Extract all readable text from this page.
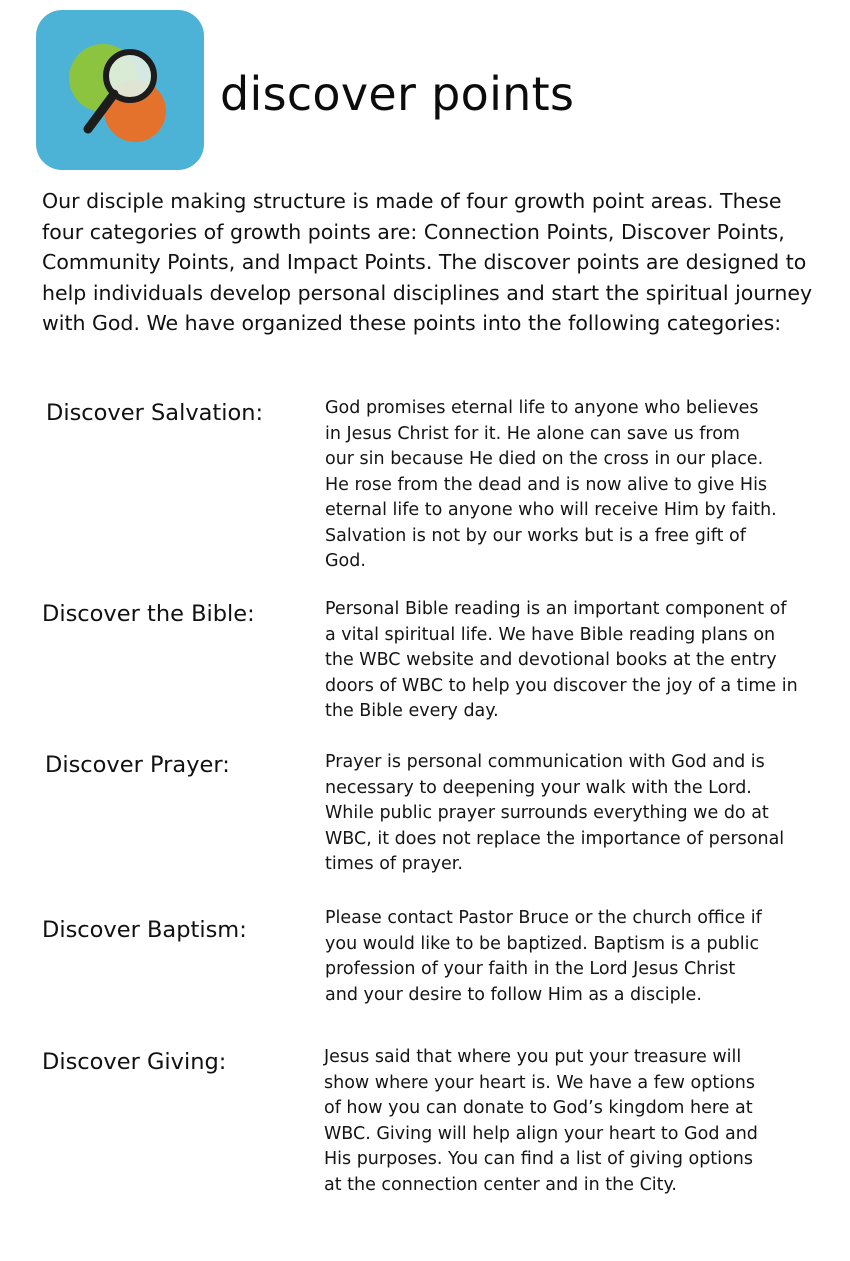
discover points

Our disciple making structure is made of four growth point areas. These four categories of growth points are: Connection Points, Discover Points, Community Points, and Impact Points. The discover points are designed to help individuals develop personal disciplines and start the spiritual journey with God. We have organized these points into the following categories:

Discover Salvation:	God promises eternal life to anyone who believes
in Jesus Christ for it. He alone can save us from
our sin because He died on the cross in our place.
He rose from the dead and is now alive to give His
eternal life to anyone who will receive Him by faith.
Salvation is not by our works but is a free gift of
God.

Discover the Bible:	Personal Bible reading is an important component of
a vital spiritual life. We have Bible reading plans on
the WBC website and devotional books at the entry
doors of WBC to help you discover the joy of a time in
the Bible every day.

Discover Prayer:	Prayer is personal communication with God and is
necessary to deepening your walk with the Lord.
While public prayer surrounds everything we do at
WBC, it does not replace the importance of personal
times of prayer.

Discover Baptism:	Please contact Pastor Bruce or the church office if
you would like to be baptized. Baptism is a public
profession of your faith in the Lord Jesus Christ
and your desire to follow Him as a disciple.

Discover Giving:	Jesus said that where you put your treasure will
show where your heart is. We have a few options
of how you can donate to God’s kingdom here at
WBC. Giving will help align your heart to God and
His purposes. You can find a list of giving options
at the connection center and in the City.
